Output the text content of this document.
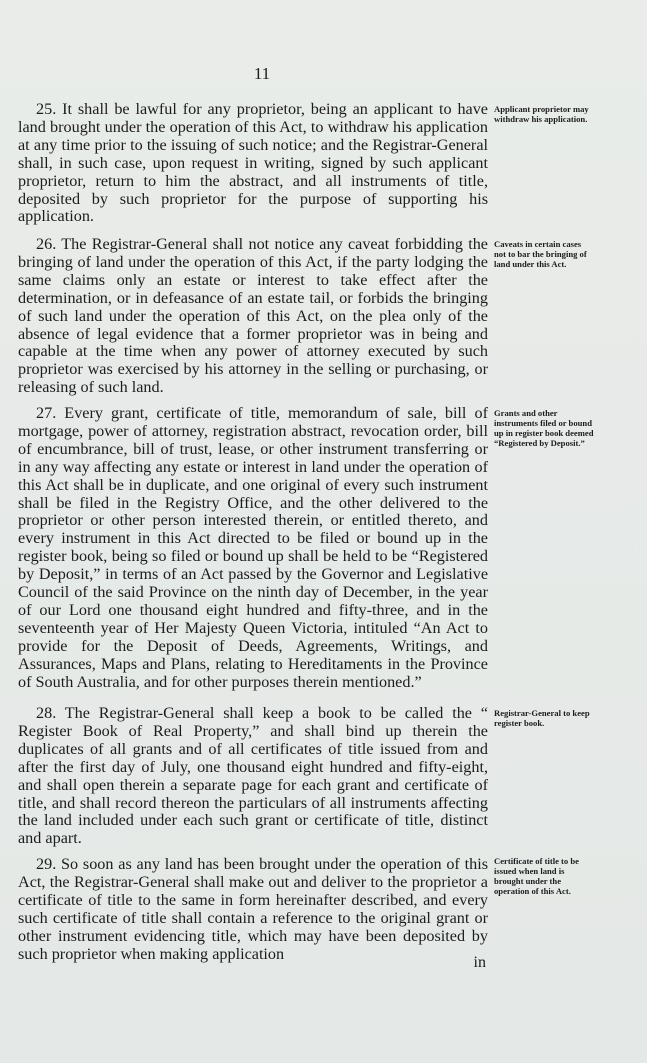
11
25. It shall be lawful for any proprietor, being an applicant to have land brought under the operation of this Act, to withdraw his application at any time prior to the issuing of such notice; and the Registrar-General shall, in such case, upon request in writing, signed by such applicant proprietor, return to him the abstract, and all instruments of title, deposited by such proprietor for the purpose of supporting his application.
Applicant proprietor may withdraw his application.
26. The Registrar-General shall not notice any caveat forbidding the bringing of land under the operation of this Act, if the party lodging the same claims only an estate or interest to take effect after the determination, or in defeasance of an estate tail, or forbids the bringing of such land under the operation of this Act, on the plea only of the absence of legal evidence that a former proprietor was in being and capable at the time when any power of attorney executed by such proprietor was exercised by his attorney in the selling or purchasing, or releasing of such land.
Caveats in certain cases not to bar the bringing of land under this Act.
27. Every grant, certificate of title, memorandum of sale, bill of mortgage, power of attorney, registration abstract, revocation order, bill of encumbrance, bill of trust, lease, or other instrument transferring or in any way affecting any estate or interest in land under the operation of this Act shall be in duplicate, and one original of every such instrument shall be filed in the Registry Office, and the other delivered to the proprietor or other person interested therein, or entitled thereto, and every instrument in this Act directed to be filed or bound up in the register book, being so filed or bound up shall be held to be “Registered by Deposit,” in terms of an Act passed by the Governor and Legislative Council of the said Province on the ninth day of December, in the year of our Lord one thousand eight hundred and fifty-three, and in the seventeenth year of Her Majesty Queen Victoria, intituled “An Act to provide for the Deposit of Deeds, Agreements, Writings, and Assurances, Maps and Plans, relating to Hereditaments in the Province of South Australia, and for other purposes therein mentioned.”
Grants and other instruments filed or bound up in register book deemed “Registered by Deposit.”
28. The Registrar-General shall keep a book to be called the “ Register Book of Real Property,” and shall bind up therein the duplicates of all grants and of all certificates of title issued from and after the first day of July, one thousand eight hundred and fifty-eight, and shall open therein a separate page for each grant and certificate of title, and shall record thereon the particulars of all instruments affecting the land included under each such grant or certificate of title, distinct and apart.
Registrar-General to keep register book.
29. So soon as any land has been brought under the operation of this Act, the Registrar-General shall make out and deliver to the proprietor a certificate of title to the same in form hereinafter described, and every such certificate of title shall contain a reference to the original grant or other instrument evidencing title, which may have been deposited by such proprietor when making application
Certificate of title to be issued when land is brought under the operation of this Act.
in
